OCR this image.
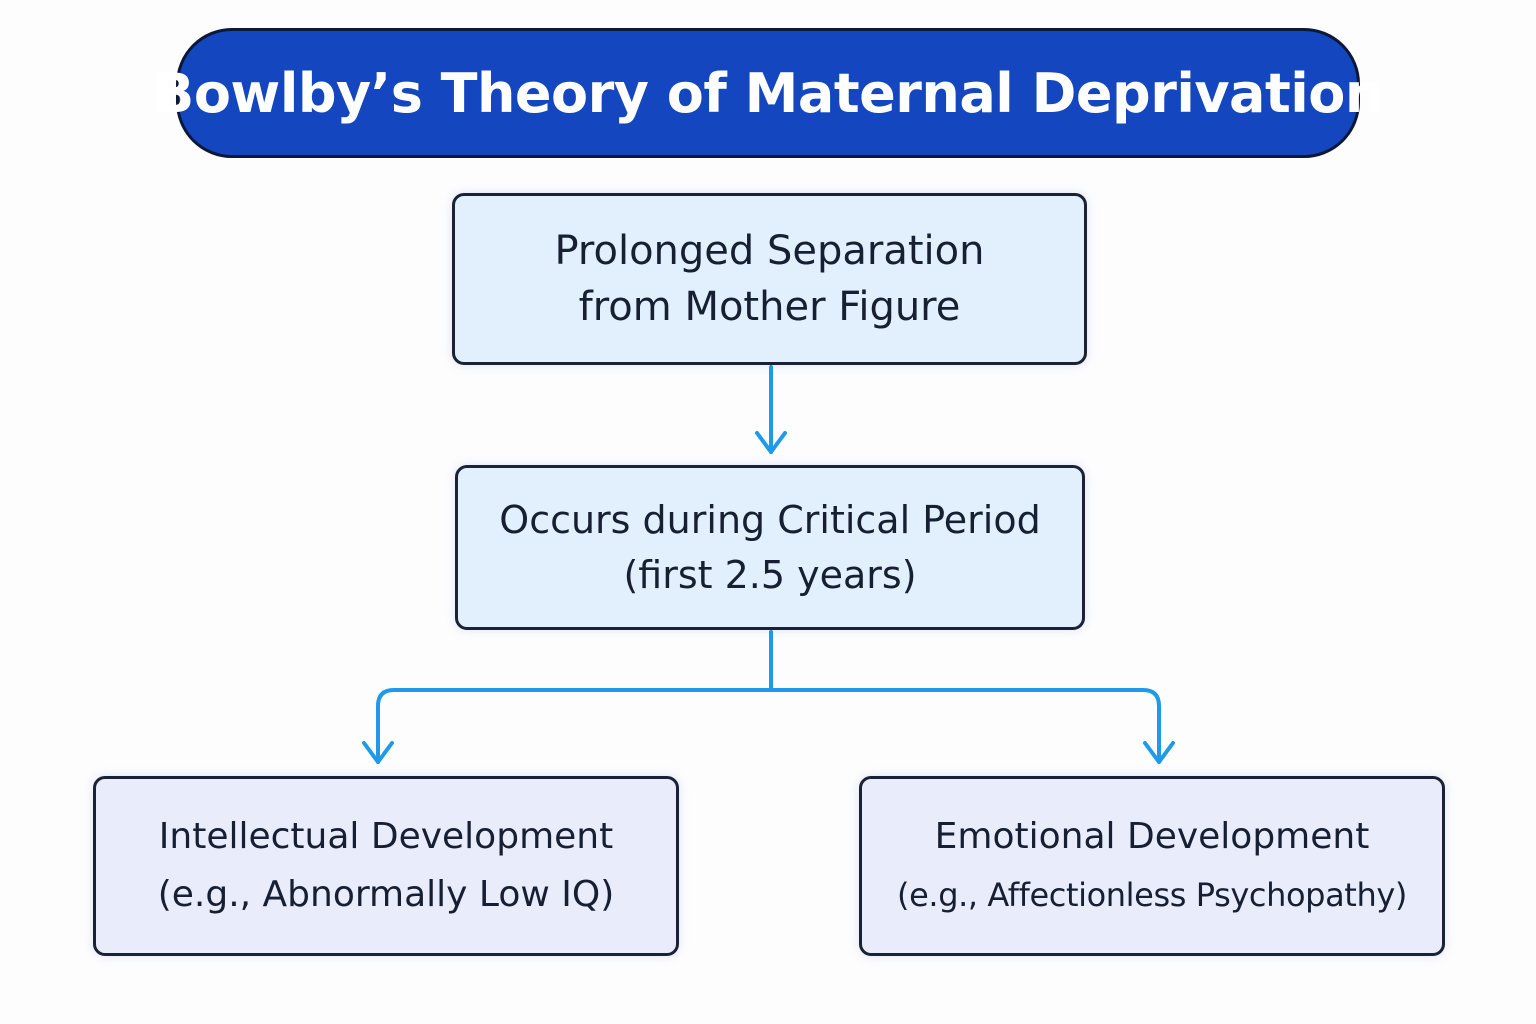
Bowlby’s Theory of Maternal Deprivation
Prolonged Separation
from Mother Figure
Occurs during Critical Period
(first 2.5 years)
Intellectual Development
(e.g., Abnormally Low IQ)
Emotional Development
(e.g., Affectionless Psychopathy)
